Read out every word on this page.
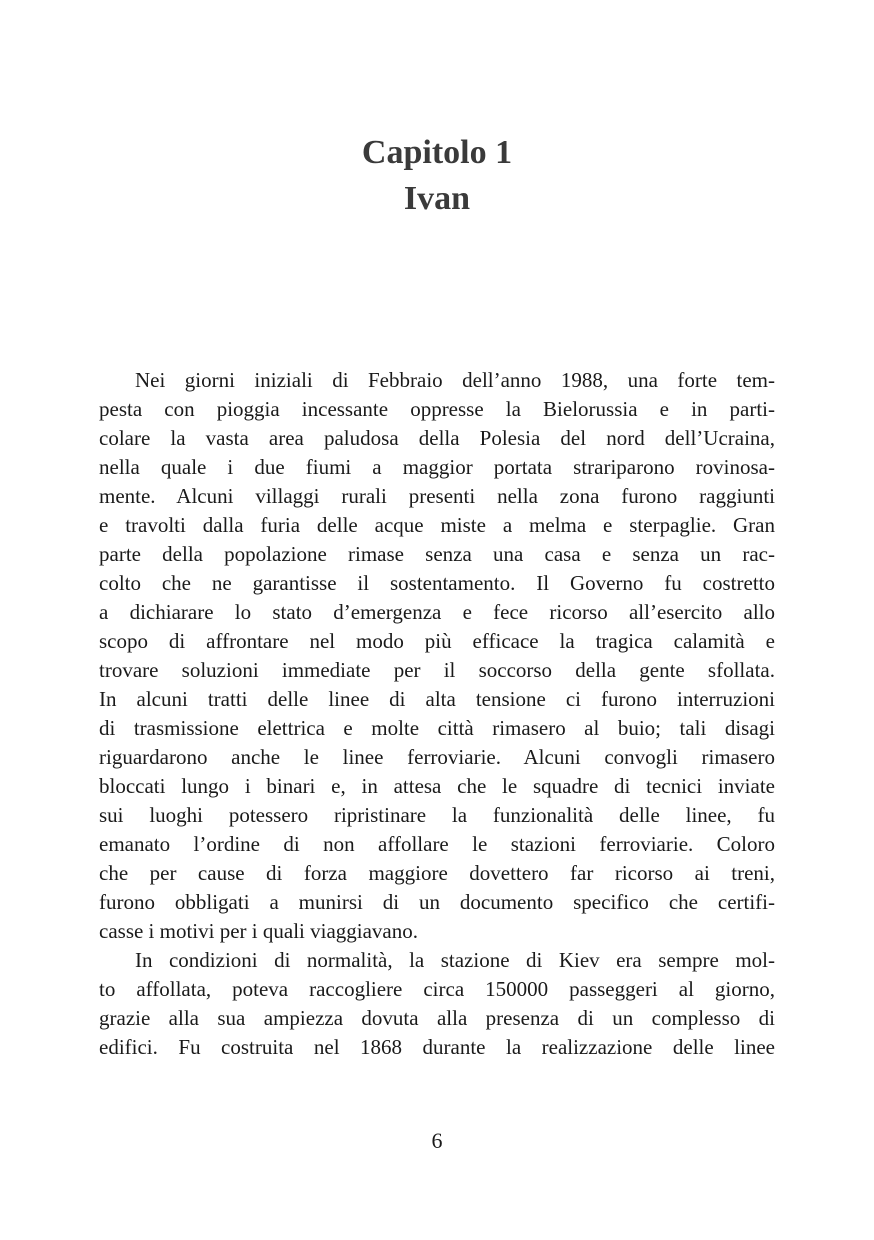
Capitolo 1
Ivan
Nei giorni iniziali di Febbraio dell’anno 1988, una forte tem-
pesta con pioggia incessante oppresse la Bielorussia e in parti-
colare la vasta area paludosa della Polesia del nord dell’Ucraina,
nella quale i due fiumi a maggior portata strariparono rovinosa-
mente. Alcuni villaggi rurali presenti nella zona furono raggiunti
e travolti dalla furia delle acque miste a melma e sterpaglie. Gran
parte della popolazione rimase senza una casa e senza un rac-
colto che ne garantisse il sostentamento. Il Governo fu costretto
a dichiarare lo stato d’emergenza e fece ricorso all’esercito allo
scopo di affrontare nel modo più efficace la tragica calamità e
trovare soluzioni immediate per il soccorso della gente sfollata.
In alcuni tratti delle linee di alta tensione ci furono interruzioni
di trasmissione elettrica e molte città rimasero al buio; tali disagi
riguardarono anche le linee ferroviarie. Alcuni convogli rimasero
bloccati lungo i binari e, in attesa che le squadre di tecnici inviate
sui luoghi potessero ripristinare la funzionalità delle linee, fu
emanato l’ordine di non affollare le stazioni ferroviarie. Coloro
che per cause di forza maggiore dovettero far ricorso ai treni,
furono obbligati a munirsi di un documento specifico che certifi-
casse i motivi per i quali viaggiavano.
In condizioni di normalità, la stazione di Kiev era sempre mol-
to affollata, poteva raccogliere circa 150000 passeggeri al giorno,
grazie alla sua ampiezza dovuta alla presenza di un complesso di
edifici. Fu costruita nel 1868 durante la realizzazione delle linee
6
